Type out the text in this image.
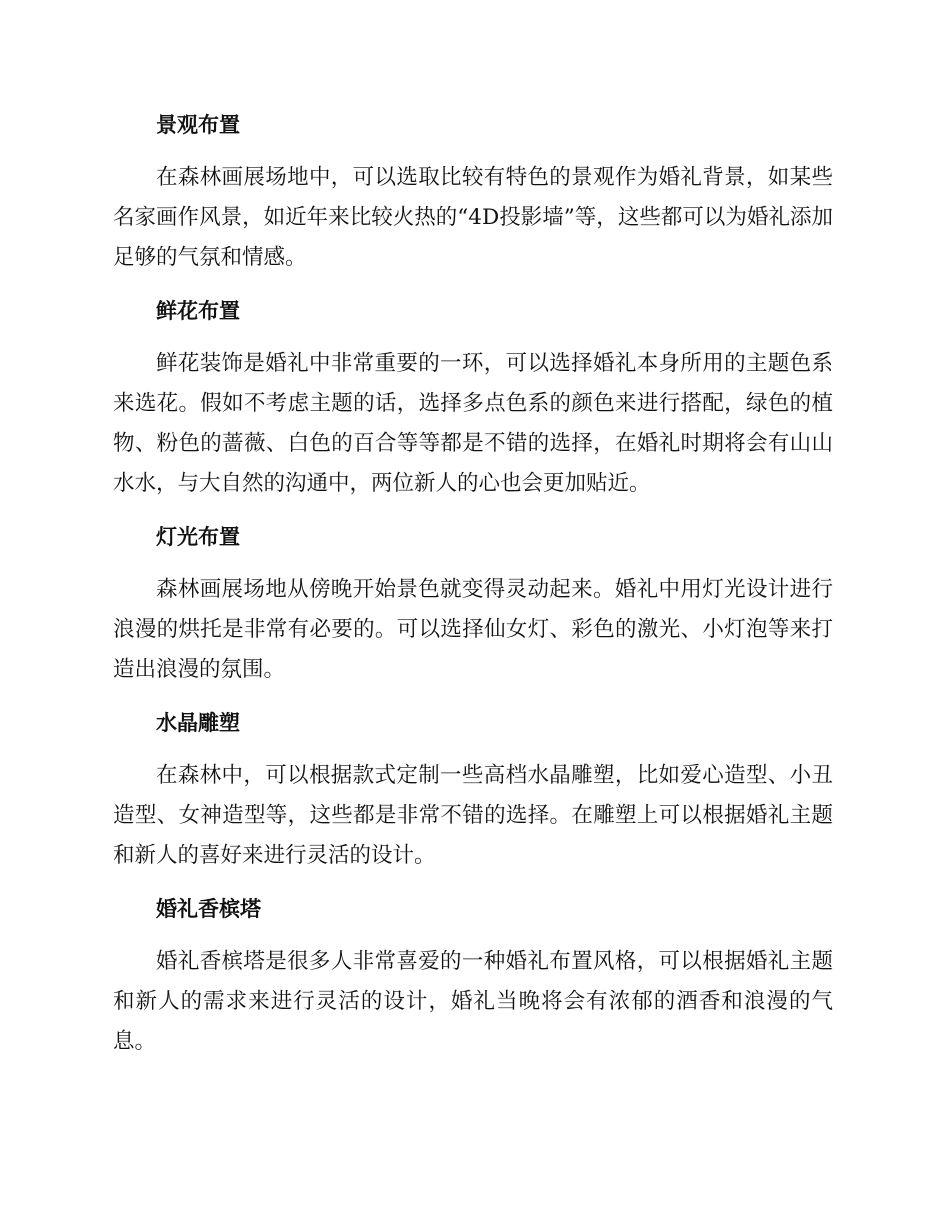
景观布置

在森林画展场地中，可以选取比较有特色的景观作为婚礼背景，如某些名家画作风景，如近年来比较火热的“4D投影墙”等，这些都可以为婚礼添加足够的气氛和情感。

鲜花布置

鲜花装饰是婚礼中非常重要的一环，可以选择婚礼本身所用的主题色系来选花。假如不考虑主题的话，选择多点色系的颜色来进行搭配，绿色的植物、粉色的蔷薇、白色的百合等等都是不错的选择，在婚礼时期将会有山山水水，与大自然的沟通中，两位新人的心也会更加贴近。

灯光布置

森林画展场地从傍晚开始景色就变得灵动起来。婚礼中用灯光设计进行浪漫的烘托是非常有必要的。可以选择仙女灯、彩色的激光、小灯泡等来打造出浪漫的氛围。

水晶雕塑

在森林中，可以根据款式定制一些高档水晶雕塑，比如爱心造型、小丑造型、女神造型等，这些都是非常不错的选择。在雕塑上可以根据婚礼主题和新人的喜好来进行灵活的设计。

婚礼香槟塔

婚礼香槟塔是很多人非常喜爱的一种婚礼布置风格，可以根据婚礼主题和新人的需求来进行灵活的设计，婚礼当晚将会有浓郁的酒香和浪漫的气息。
